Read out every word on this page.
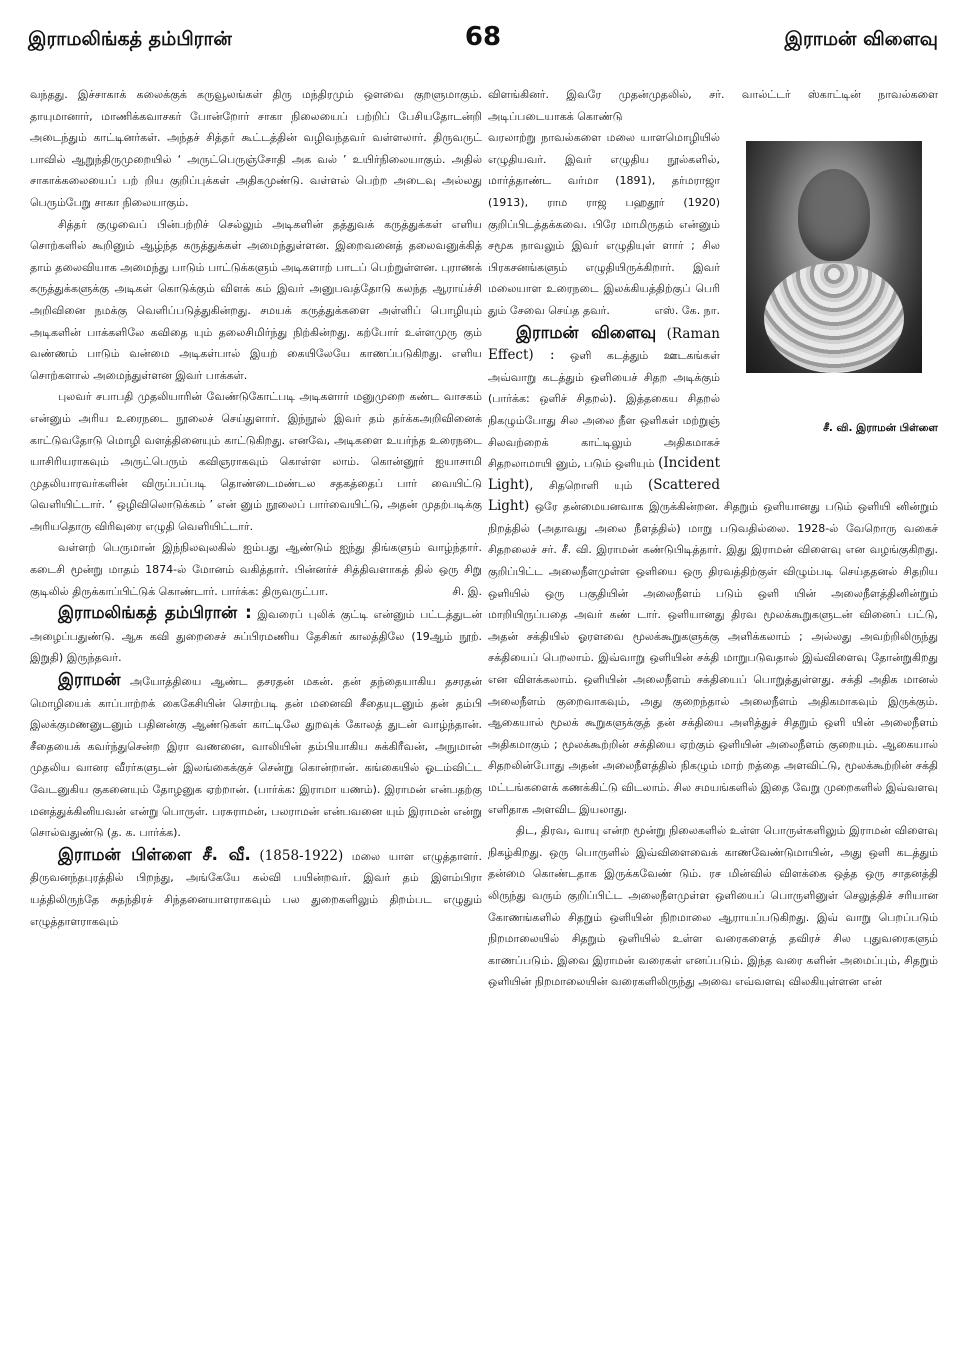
இராமலிங்கத் தம்பிரான்	68	இராமன் விளைவு

வந்தது. இச்சாகாக் கலைக்குக் கருவூலங்கள் திரு மந்திரமும் ஒளவை குறளுமாகும். தாயுமானார், மாணிக்கவாசகர் போன்றோர் சாகா நிலையைப் பற்றிப் பேசியதோடன்றி அடைந்தும் காட்டினர்கள். அந்தச் சித்தர் கூட்டத்தின் வழிவந்தவர் வள்ளலார். திருவருட் பாவில் ஆறுந்திருமுறையில் ‘ அருட்பெருஞ்சோதி அக வல் ’ உயிர்நிலையாகும். அதில் சாகாக்கலையைப் பற் றிய குறிப்புக்கள் அதிகமுண்டு. வள்ளல் பெற்ற அடைவு அல்லது பெரும்பேறு சாகா நிலையாகும்.

சித்தர் குழுவைப் பின்பற்றிச் செல்லும் அடிகளின் தத்துவக் கருத்துக்கள் எளிய சொற்களில் கூறினும் ஆழ்ந்த கருத்துக்கள் அமைந்துள்ளன. இறைவனைத் தலைவனுக்கித் தாம் தலைவியாக அமைந்து பாடும் பாட்டுக்களும் அடிகளாற் பாடப் பெற்றுள்ளன. புராணக் கருத்துக்களுக்கு அடிகள் கொடுக்கும் விளக் கம் இவர் அனுபவத்தோடு கலந்த ஆராய்ச்சி அறிவினை நமக்கு வெளிப்படுத்துகின்றது. சமயக் கருத்துக்களை அள்ளிப் பொழியும் அடிகளின் பாக்களிலே கவிதை யும் தலைசிமிர்ந்து நிற்கின்றது. கற்போர் உள்ளமுரு கும் வண்ணம் பாடும் வன்மை அடிகள்பால் இயற் கையிலேயே காணப்படுகிறது. எளிய சொற்களால் அமைந்துள்ளன இவர் பாக்கள்.

புலவர் சபாபதி முதலியாரின் வேண்டுகோட்படி அடிகளார் மனுமுறை கண்ட வாசகம் என்னும் அரிய உரைநடை நூலைச் செய்துளார். இந்நூல் இவர் தம் தர்க்கஅறிவினைக் காட்டுவதோடு மொழி வளத்தினையும் காட்டுகிறது. எனவே, அடிகளை உயர்ந்த உரைநடை யாசிரியராகவும் அருட்பெரும் கவிஞராகவும் கொள்ள லாம். கொன்னூர் ஐயாசாமி முதலியாரவர்களின் விருப்பப்படி தொண்டைமண்டல சதகத்தைப் பார் வையிட்டு வெளியிட்டார். ‘ ஒழிவிலொடுக்கம் ’ என் னும் நூலைப் பார்வையிட்டு, அதன் முதற்படிக்கு அரியதொரு விரிவுரை எழுதி வெளியிட்டார்.

வள்ளற் பெருமான் இந்நிலவுலகில் ஐம்பது ஆண்டும் ஐந்து திங்களும் வாழ்ந்தார். கடைசி மூன்று மாதம் 1874-ல் மோனம் வகித்தார். பின்னர்ச் சித்திவளாகத் தில் ஒரு சிறு குடிலில் திருக்காப்பிட்டுக் கொண்டார். பார்க்க: திருவருட்பா.	சி. இ.

இராமலிங்கத் தம்பிரான் : இவரைப் புலிக் குட்டி என்னும் பட்டத்துடன் அழைப்பதுண்டு. ஆசு கவி துறைசைச் சுப்பிரமணிய தேசிகர் காலத்திலே (19ஆம் நூற். இறுதி) இருந்தவர்.

இராமன் அயோத்தியை ஆண்ட தசரதன் மகன். தன் தந்தையாகிய தசரதன் மொழியைக் காப்பாற்றக் கைகேசியின் சொற்படி தன் மனைவி சீதையுடனும் தன் தம்பி இலக்குமணனுடனும் பதினன்கு ஆண்டுகள் காட்டிலே துறவுக் கோலத் துடன் வாழ்ந்தான். சீதையைக் கவர்ந்துசென்ற இரா வணனை, வாலியின் தம்பியாகிய சுக்கிரீவன், அநுமான் முதலிய வானர வீரர்களுடன் இலங்கைக்குச் சென்று கொன்றான். கங்கையில் ஓடம்விட்ட வேடனுகிய குகனையும் தோழனுக ஏற்றான். (பார்க்க: இராமா யணம்). இராமன் என்பதற்கு மனத்துக்கினியவன் என்று பொருள். பரசுராமன், பலராமன் என்பவனை யும் இராமன் என்று சொல்வதுண்டு (த. க. பார்க்க).

இராமன் பிள்ளை சீ. வீ. (1858-1922) மலை யாள எழுத்தாளர். திருவனந்தபுரத்தில் பிறந்து, அங்கேயே கல்வி பயின்றவர். இவர் தம் இளம்பிரா யத்திலிருந்தே சுதந்திரச் சிந்தனையாளராகவும் பல துறைகளிலும் திறம்பட எழுதும் எழுத்தாளராகவும்

விளங்கினர். இவரே முதன்முதலில், சர். வால்ட்டர் ஸ்காட்டின் நாவல்களை அடிப்படையாகக் கொண்டு

சீ. வி. இராமன் பிள்ளை

வரலாற்று நாவல்களை மலை யாளமொழியில் எழுதியவர். இவர் எழுதிய நூல்களில், மார்த்தாண்ட வர்மா (1891), தர்மராஜா (1913), ராம ராஜ பஹதூர் (1920) குறிப்பிடத்தக்கவை. பிரே மாமிருதம் என்னும் சமூக நாவலும் இவர் எழுதியுள் ளார் ; சில பிரகசனங்களும் எழுதியிருக்கிறார். இவர் மலையாள உரைநடை இலக்கியத்திற்குப் பெரி தும் சேவை செய்த தவர்.	எஸ். கே. நா.

இராமன் விளைவு (Raman Effect) : ஒளி கடத்தும் ஊடகங்கள் அவ்வாறு கடத்தும் ஒளியைச் சிதற அடிக்கும் (பார்க்க: ஒளிச் சிதறல்). இத்தகைய சிதறல் நிகழும்போது சில அலை நீள ஒளிகள் மற்றுஞ் சிலவற்றைக் காட்டிலும் அதிகமாகச் சிதறலாமாயி னும், படும் ஒளியும் (Incident Light), சிதறொளி யும் (Scattered Light) ஒரே தன்மையனவாக இருக்கின்றன. சிதறும் ஒளியானது படும் ஒளியி னின்றும் நிறத்தில் (அதாவது அலை நீளத்தில்) மாறு படுவதில்லை. 1928-ல் வேறொரு வகைச் சிதறலைச் சர். சீ. வி. இராமன் கண்டுபிடித்தார். இது இராமன் விளைவு என வழங்குகிறது. குறிப்பிட்ட அலைநீளமுள்ள ஒளியை ஒரு திரவத்திற்குள் விழும்படி செய்ததனல் சிதறிய ஒளியில் ஒரு பகுதியின் அலைநீளம் படும் ஒளி யின் அலைநீளத்தினின்றும் மாறியிருப்பதை அவர் கண் டார். ஒளியானது திரவ மூலக்கூறுகளுடன் வினைப் பட்டு, அதன் சக்தியில் ஓரளவை மூலக்கூறுகளுக்கு அளிக்கலாம் ; அல்லது அவற்றிலிருந்து சக்தியைப் பெறலாம். இவ்வாறு ஒளியின் சக்தி மாறுபடுவதால் இவ்விளைவு தோன்றுகிறது என விளக்கலாம். ஒளியின் அலைநீளம் சக்தியைப் பொறுத்துள்ளது. சக்தி அதிக மானல் அலைநீளம் குறைவாகவும், அது குறைந்தால் அலைநீளம் அதிகமாகவும் இருக்கும். ஆகையால் மூலக் கூறுகளுக்குத் தன் சக்தியை அளித்துச் சிதறும் ஒளி யின் அலைநீளம் அதிகமாகும் ; மூலக்கூற்றின் சக்தியை ஏற்கும் ஒளியின் அலைநீளம் குறையும். ஆகையால் சிதறலின்போது அதன் அலைநீளத்தில் நிகழும் மாற் றத்தை அளவிட்டு, மூலக்கூற்றின் சக்தி மட்டங்களைக் கணக்கிட்டு விடலாம். சில சமயங்களில் இதை வேறு முறைகளில் இவ்வளவு எளிதாக அளவிட இயலாது.

திட, திரவ, வாயு என்ற மூன்று நிலைகளில் உள்ள பொருள்களிலும் இராமன் விளைவு நிகழ்கிறது. ஒரு பொருளில் இவ்விளைவைக் காணவேண்டுமாயின், அது ஒளி கடத்தும் தன்மை கொண்டதாக இருக்கவேண் டும். ரச மின்வில் விளக்கை ஒத்த ஒரு சாதனத்தி லிருந்து வரும் குறிப்பிட்ட அலைநீளமுள்ள ஒளியைப் பொருளினுள் செலுத்திச் சரியான கோணங்களில் சிதறும் ஒளியின் நிறமாலை ஆராயப்படுகிறது. இவ் வாறு பெறப்படும் நிறமாலையில் சிதறும் ஒளியில் உள்ள வரைகளைத் தவிரச் சில புதுவரைகளும் காணப்படும். இவை இராமன் வரைகள் எனப்படும். இந்த வரை களின் அமைப்பும், சிதறும் ஒளியின் நிறமாலையின் வரைகளிலிருந்து அவை எவ்வளவு விலகியுள்ளன என்
